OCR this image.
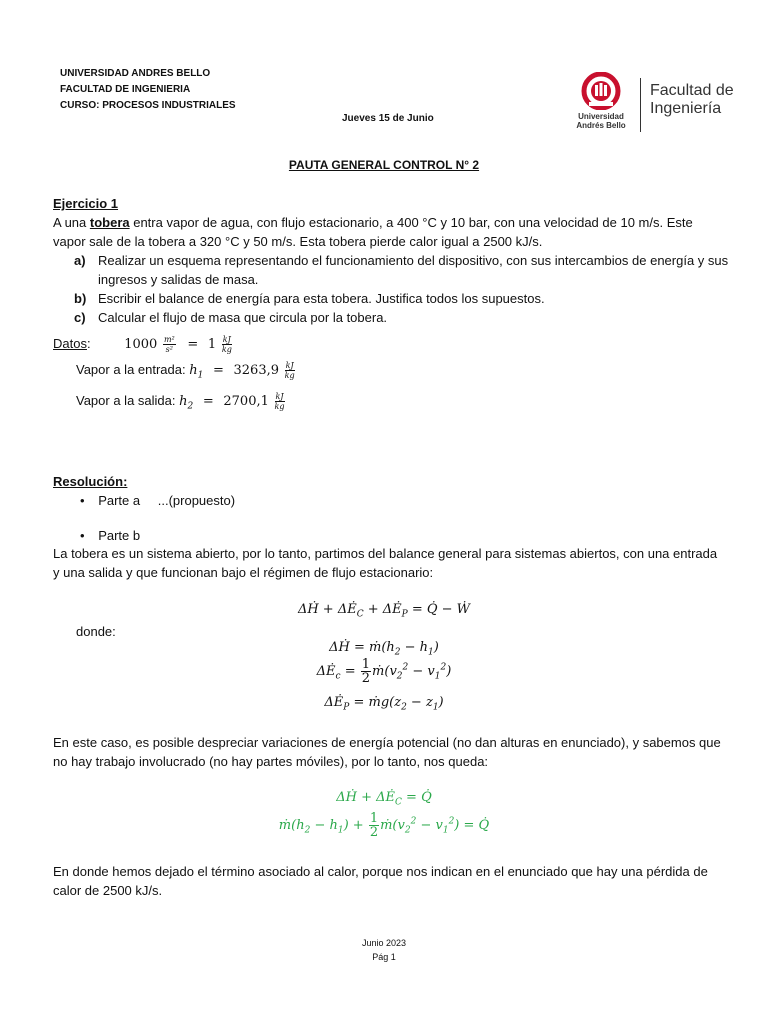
UNIVERSIDAD ANDRES BELLO
FACULTAD DE INGENIERIA
CURSO: PROCESOS INDUSTRIALES
Jueves 15 de Junio	Universidad
Andrés Bello
Facultad de
Ingeniería
PAUTA GENERAL CONTROL N° 2
Ejercicio 1
A una tobera entra vapor de agua, con flujo estacionario, a 400 °C y 10 bar, con una velocidad de 10 m/s. Este vapor sale de la tobera a 320 °C y 50 m/s. Esta tobera pierde calor igual a 2500 kJ/s.
a) Realizar un esquema representando el funcionamiento del dispositivo, con sus intercambios de energía y sus ingresos y salidas de masa.
b) Escribir el balance de energía para esta tobera. Justifica todos los supuestos.
c) Calcular el flujo de masa que circula por la tobera.
Datos:	$1000 \frac{\text{m²}}{\text{s²}} = 1 \frac{kJ}{kg}$
Vapor a la entrada: $h_1 = 3263,9 \frac{kJ}{kg}$
Vapor a la salida: $h_2 = 2700,1 \frac{kJ}{kg}$
Resolución:
• Parte a ...(propuesto)
• Parte b
La tobera es un sistema abierto, por lo tanto, partimos del balance general para sistemas abiertos, con una entrada y una salida y que funcionan bajo el régimen de flujo estacionario:
ΔḢ + $\Delta Ė_C$ + $\Delta Ė_P$ = Q̇ − Ẇ
donde:
ΔḢ = $ṁ(h_2 - h_1)$
$\Delta Ė_c = \frac{1}{2}$ $ṁ(v_2^2 - v_1^2)$
$\Delta Ė_P$ = $ṁg(z_2 - z_1)$
En este caso, es posible despreciar variaciones de energía potencial (no dan alturas en enunciado), y sabemos que no hay trabajo involucrado (no hay partes móviles), por lo tanto, nos queda:
ΔḢ + $\Delta Ė_C$ = Q̇
$ṁ(h_2 - h_1) + \frac{1}{2}$ $ṁ(v_2^2 - v_1^2)$ = Q̇
En donde hemos dejado el término asociado al calor, porque nos indican en el enunciado que hay una pérdida de calor de 2500 kJ/s.
Junio 2023
Pág 1
